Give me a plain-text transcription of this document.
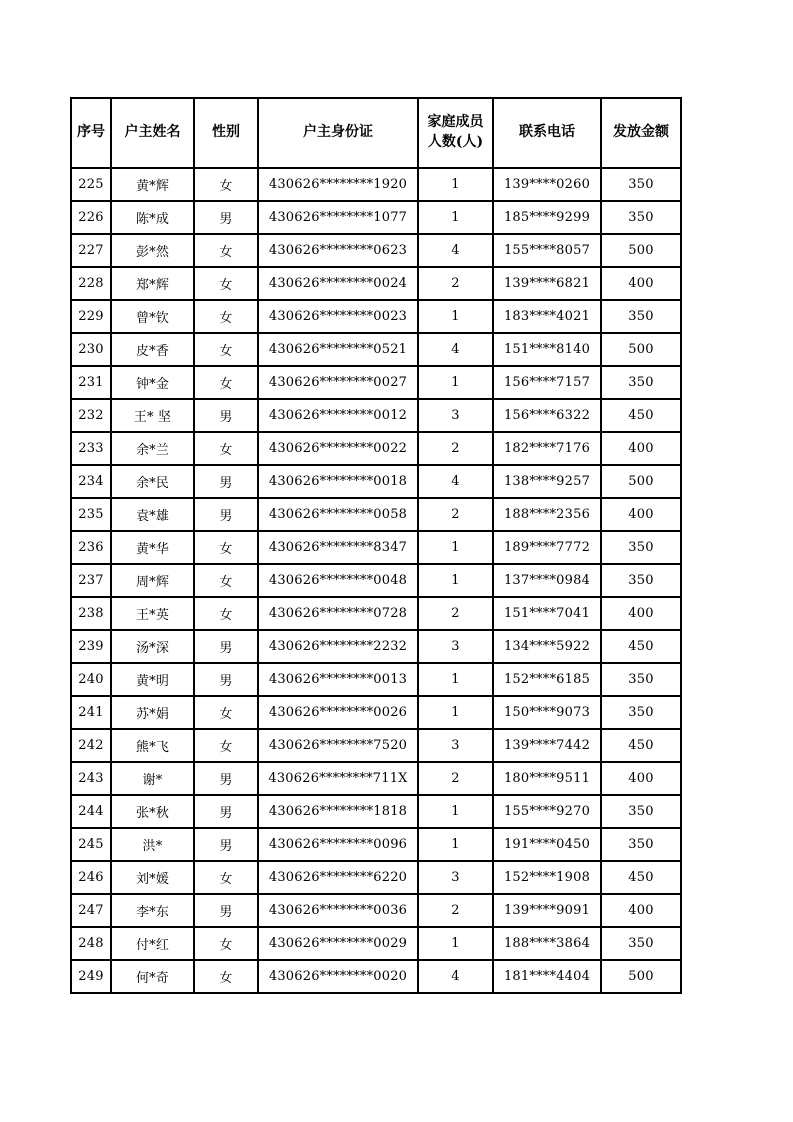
序号	户主姓名	性别	户主身份证	家庭成员人数(人)	联系电话	发放金额
225	黄*辉	女	430626********1920	1	139****0260	350
226	陈*成	男	430626********1077	1	185****9299	350
227	彭*然	女	430626********0623	4	155****8057	500
228	郑*辉	女	430626********0024	2	139****6821	400
229	曾*钦	女	430626********0023	1	183****4021	350
230	皮*香	女	430626********0521	4	151****8140	500
231	钟*金	女	430626********0027	1	156****7157	350
232	王* 坚	男	430626********0012	3	156****6322	450
233	余*兰	女	430626********0022	2	182****7176	400
234	余*民	男	430626********0018	4	138****9257	500
235	袁*雄	男	430626********0058	2	188****2356	400
236	黄*华	女	430626********8347	1	189****7772	350
237	周*辉	女	430626********0048	1	137****0984	350
238	王*英	女	430626********0728	2	151****7041	400
239	汤*深	男	430626********2232	3	134****5922	450
240	黄*明	男	430626********0013	1	152****6185	350
241	苏*娟	女	430626********0026	1	150****9073	350
242	熊*飞	女	430626********7520	3	139****7442	450
243	谢*	男	430626********711X	2	180****9511	400
244	张*秋	男	430626********1818	1	155****9270	350
245	洪*	男	430626********0096	1	191****0450	350
246	刘*媛	女	430626********6220	3	152****1908	450
247	李*东	男	430626********0036	2	139****9091	400
248	付*红	女	430626********0029	1	188****3864	350
249	何*奇	女	430626********0020	4	181****4404	500
